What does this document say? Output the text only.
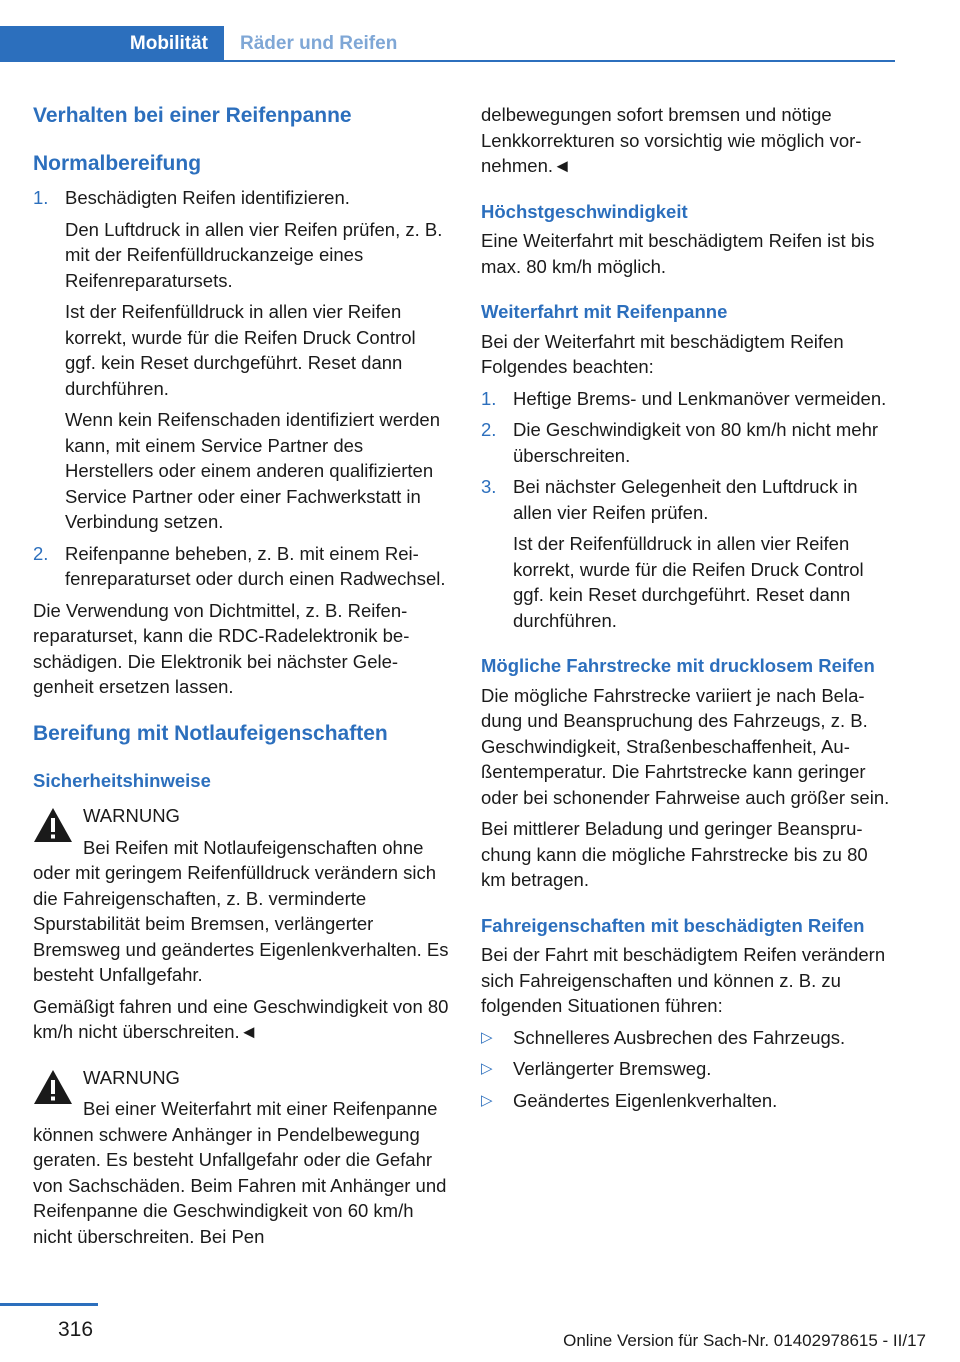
Mobilität	Räder und Reifen
Verhalten bei einer Reifenpanne
Normalbereifung
1. Beschädigten Reifen identifizieren.

Den Luftdruck in allen vier Reifen prüfen, z. B. mit der Reifenfülldruckanzeige eines Reifenreparatursets.

Ist der Reifenfülldruck in allen vier Reifen korrekt, wurde für die Reifen Druck Control ggf. kein Reset durchgeführt. Reset dann durchführen.

Wenn kein Reifenschaden identifiziert werden kann, mit einem Service Partner des Herstellers oder einem anderen qualifizierten Service Partner oder einer Fachwerkstatt in Verbindung setzen.

2. Reifenpanne beheben, z. B. mit einem Reifenreparaturset oder durch einen Radwechsel.

Die Verwendung von Dichtmittel, z. B. Reifenreparaturset, kann die RDC-Radelektronik beschädigen. Die Elektronik bei nächster Gelegenheit ersetzen lassen.

Bereifung mit Notlaufeigenschaften
Sicherheitshinweise
WARNUNG

Bei Reifen mit Notlaufeigenschaften ohne oder mit geringem Reifenfülldruck verändern sich die Fahreigenschaften, z. B. verminderte Spurstabilität beim Bremsen, verlängerter Bremsweg und geändertes Eigenlenkverhalten. Es besteht Unfallgefahr.

Gemäßigt fahren und eine Geschwindigkeit von 80 km/h nicht überschreiten.◄

WARNUNG

Bei einer Weiterfahrt mit einer Reifenpanne können schwere Anhänger in Pendelbewegung geraten. Es besteht Unfallgefahr oder die Gefahr von Sachschäden. Beim Fahren mit Anhänger und Reifenpanne die Geschwindigkeit von 60 km/h nicht überschreiten. Bei Pen

delbewegungen sofort bremsen und nötige Lenkkorrekturen so vorsichtig wie möglich vornehmen.◄

Höchstgeschwindigkeit

Eine Weiterfahrt mit beschädigtem Reifen ist bis max. 80 km/h möglich.

Weiterfahrt mit Reifenpanne

Bei der Weiterfahrt mit beschädigtem Reifen Folgendes beachten:

1. Heftige Brems- und Lenkmanöver vermeiden.

2. Die Geschwindigkeit von 80 km/h nicht mehr überschreiten.

3. Bei nächster Gelegenheit den Luftdruck in allen vier Reifen prüfen.

Ist der Reifenfülldruck in allen vier Reifen korrekt, wurde für die Reifen Druck Control ggf. kein Reset durchgeführt. Reset dann durchführen.

Mögliche Fahrstrecke mit drucklosem Reifen

Die mögliche Fahrstrecke variiert je nach Beladung und Beanspruchung des Fahrzeugs, z. B. Geschwindigkeit, Straßenbeschaffenheit, Außentemperatur. Die Fahrtstrecke kann geringer oder bei schonender Fahrweise auch größer sein.

Bei mittlerer Beladung und geringer Beanspruchung kann die mögliche Fahrstrecke bis zu 80 km betragen.

Fahreigenschaften mit beschädigten Reifen

Bei der Fahrt mit beschädigtem Reifen verändern sich Fahreigenschaften und können z. B. zu folgenden Situationen führen:

▷ Schnelleres Ausbrechen des Fahrzeugs.

▷ Verlängerter Bremsweg.

▷ Geändertes Eigenlenkverhalten.

316	Online Version für Sach-Nr. 01402978615 - II/17
